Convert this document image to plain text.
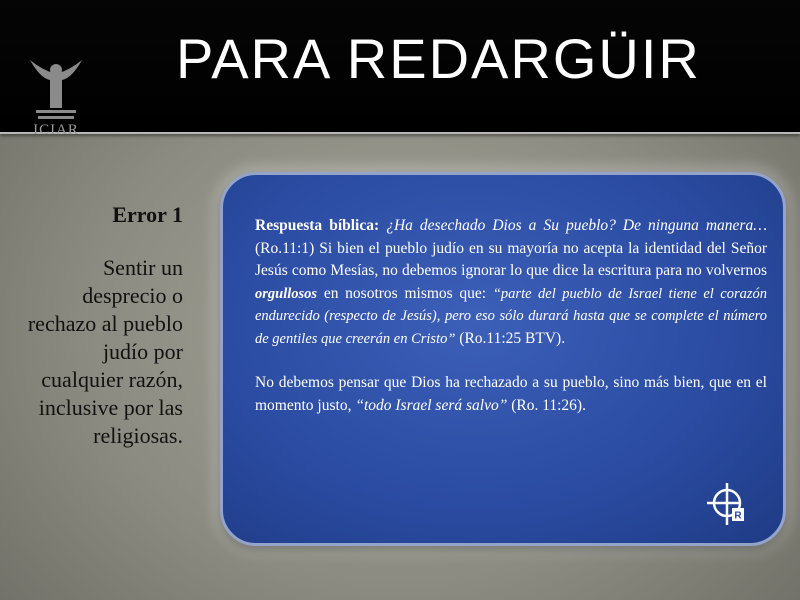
ICIAR
PARA REDARGÜIR
Error 1
Sentir un desprecio o rechazo al pueblo judío por cualquier razón, inclusive por las religiosas.

Respuesta bíblica: ¿Ha desechado Dios a Su pueblo? De ninguna manera… (Ro.11:1) Si bien el pueblo judío en su mayoría no acepta la identidad del Señor Jesús como Mesías, no debemos ignorar lo que dice la escritura para no volvernos orgullosos en nosotros mismos que: “parte del pueblo de Israel tiene el corazón endurecido (respecto de Jesús), pero eso sólo durará hasta que se complete el número de gentiles que creerán en Cristo” (Ro.11:25 BTV).

No debemos pensar que Dios ha rechazado a su pueblo, sino más bien, que en el momento justo, “todo Israel será salvo” (Ro. 11:26).

R
